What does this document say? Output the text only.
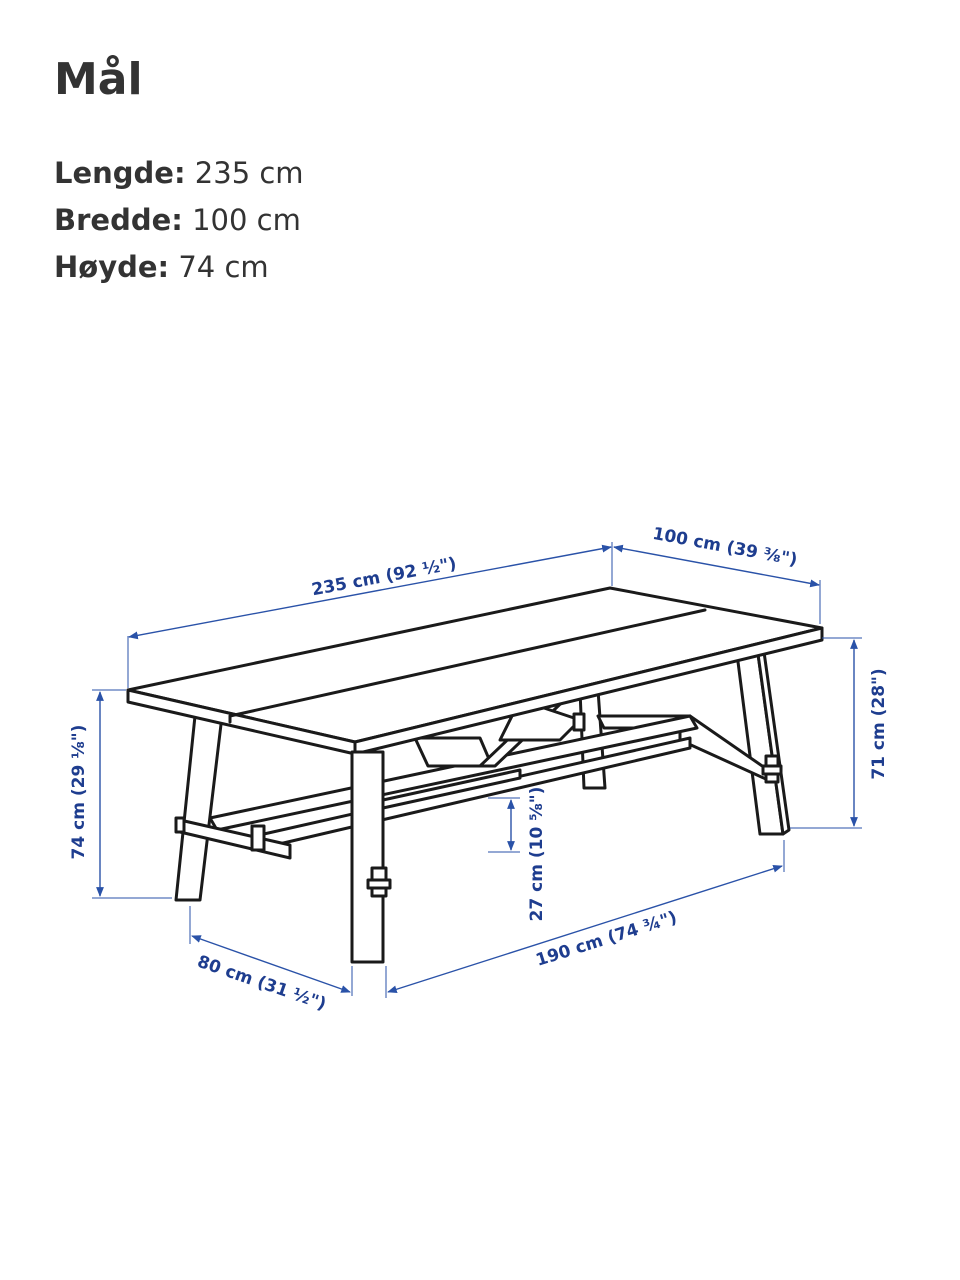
Mål
Lengde: 235 cm
Bredde: 100 cm
Høyde: 74 cm
235 cm (92 ½")
100 cm (39 ⅜")
74 cm (29 ⅛")
71 cm (28")
27 cm (10 ⅝")
80 cm (31 ½")
190 cm (74 ¾")
